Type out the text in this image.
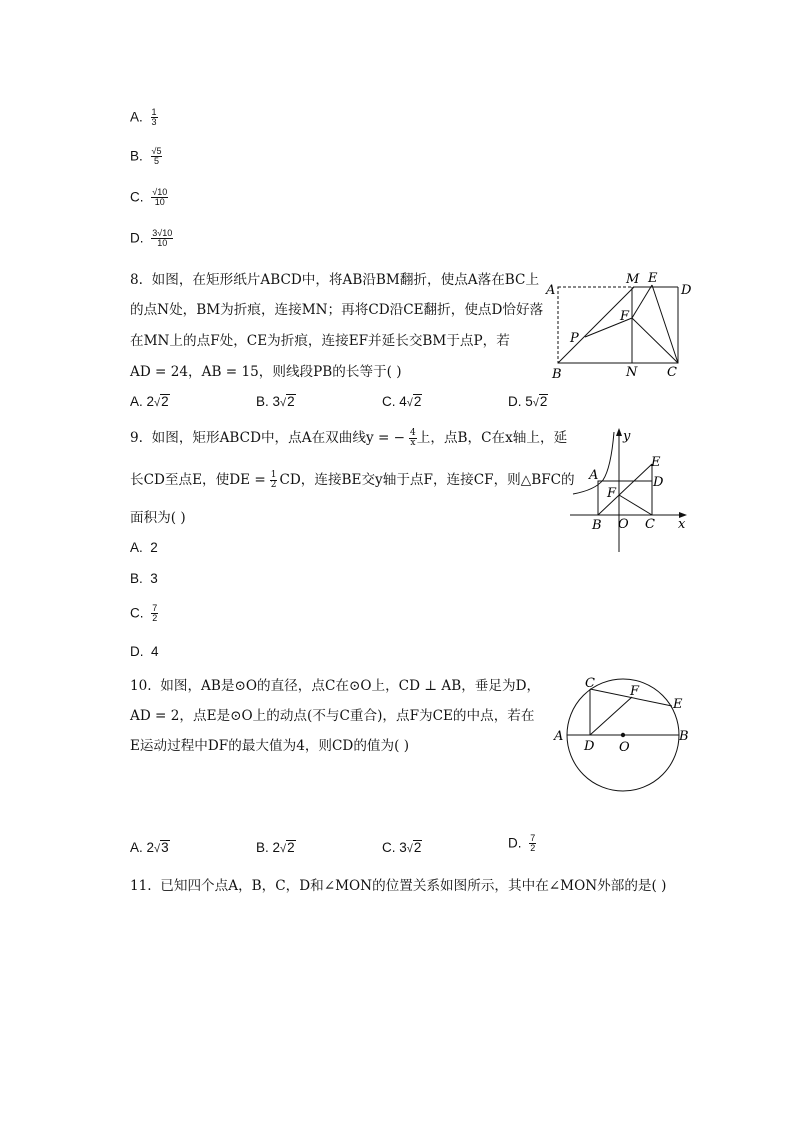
A. $\frac{1}{3}$
B. $\frac{√5}{5}$
C. $\frac{√10}{10}$
D. $\frac{3√10}{10}$
8. 如图，在矩形纸片ABCD中，将AB沿BM翻折，使点A落在BC上
的点N处，BM为折痕，连接MN；再将CD沿CE翻折，使点D恰好落
在MN上的点F处，CE为折痕，连接EF并延长交BM于点P，若
AD = 24，AB = 15，则线段PB的长等于( )
A. 2 √ 2	B. 3 √ 2	C. 4 √ 2	D. 5 √ 2
A
M E
D
F
P
B	N C
9. 如图，矩形ABCD中，点A在双曲线y = − $\frac{4}{x}$ 上，点B，C在x轴上，延
长CD至点E，使DE = $\frac{1}{2}$ CD，连接BE交y轴于点F，连接CF，则△BFC的
面积为( )
A. 2
B. 3
C. $\frac{7}{2}$
D. 4
y
x
A
E
D
F
B O C
10. 如图，AB是⊙O的直径，点C在⊙O上，CD ⊥ AB，垂足为D，
AD = 2，点E是⊙O上的动点(不与C重合)，点F为CE的中点，若在
E运动过程中DF的最大值为4，则CD的值为( )
A. 2 √ 3	B. 2 √ 2	C. 3 √ 2	D. $\frac{7}{2}$
C
F
E
A
D O
B
11. 已知四个点A，B，C，D和∠MON的位置关系如图所示，其中在∠MON外部的是( )
